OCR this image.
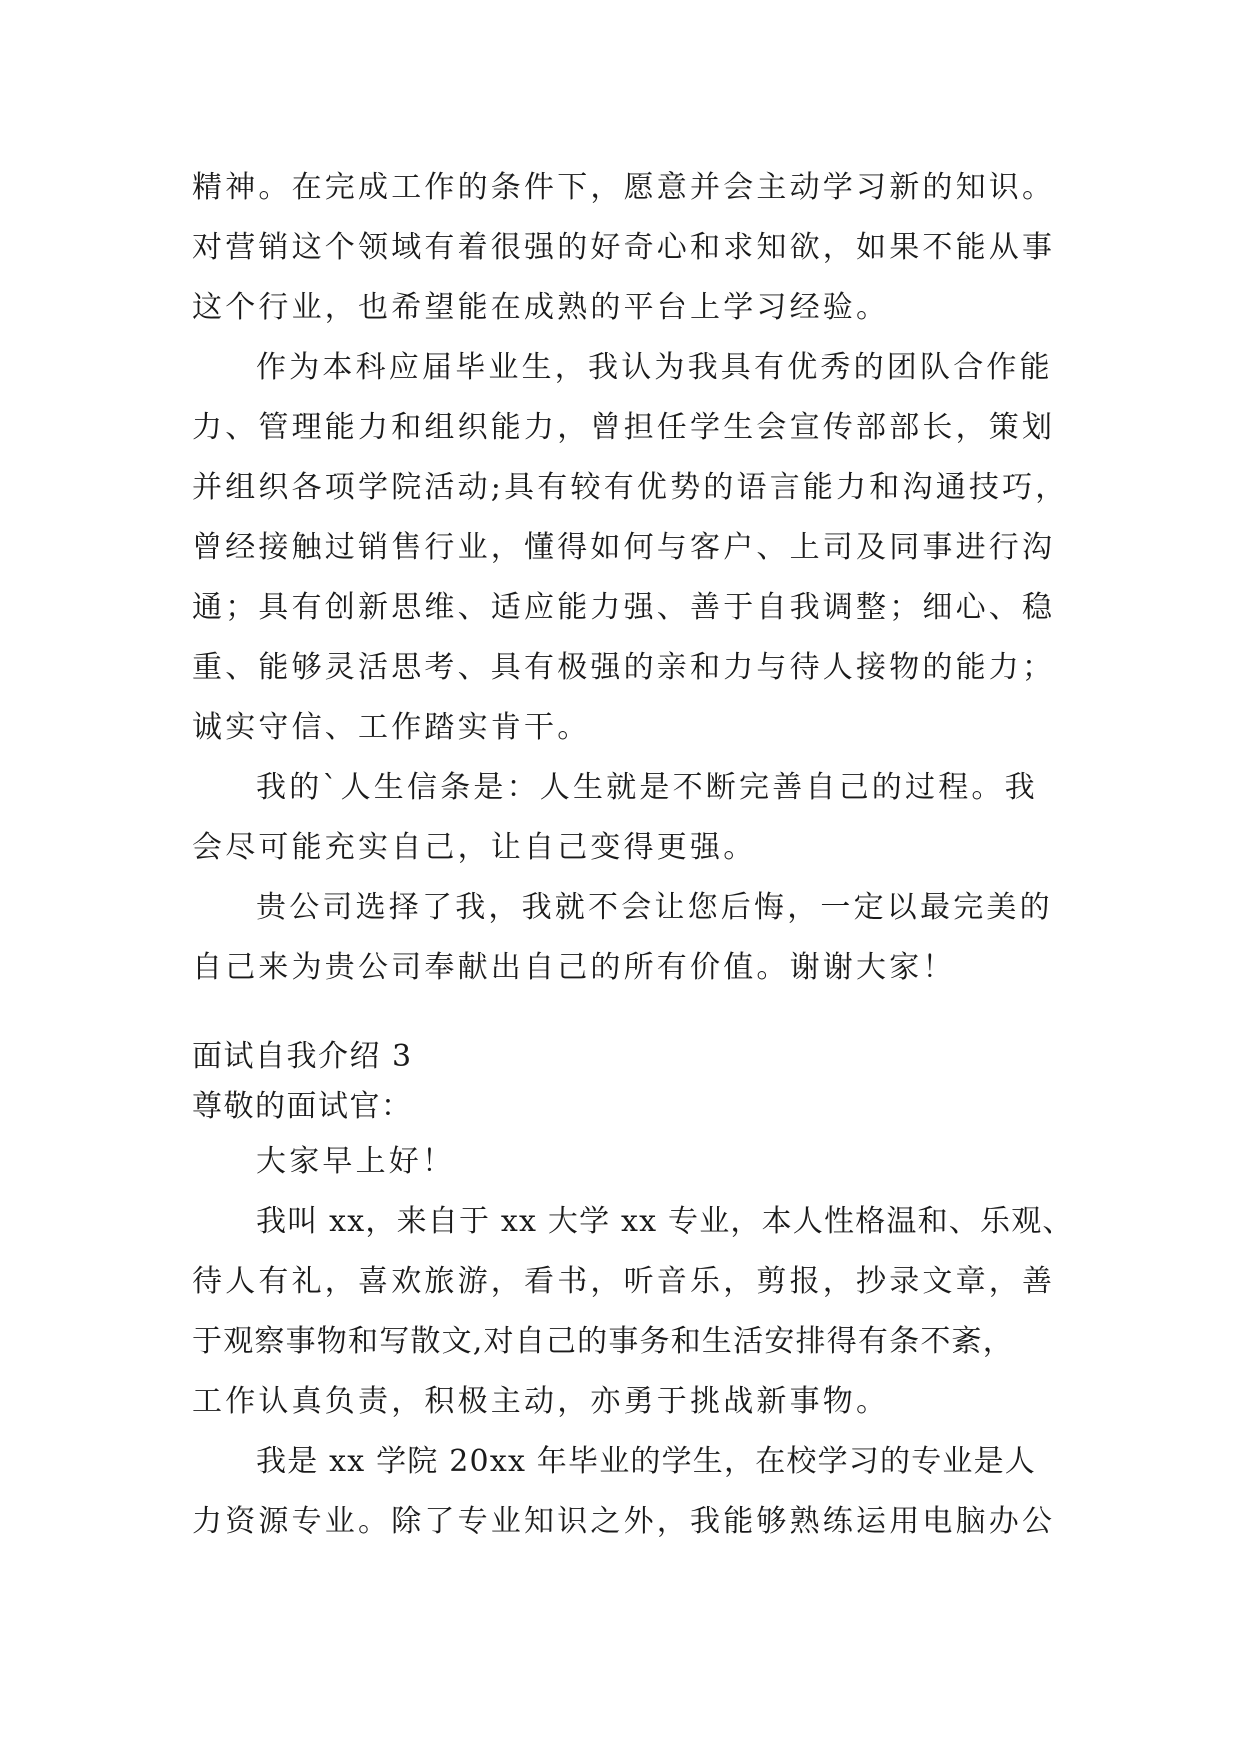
精神。在完成工作的条件下，愿意并会主动学习新的知识。
对营销这个领域有着很强的好奇心和求知欲，如果不能从事
这个行业，也希望能在成熟的平台上学习经验。
作为本科应届毕业生，我认为我具有优秀的团队合作能
力、管理能力和组织能力，曾担任学生会宣传部部长，策划
并组织各项学院活动;具有较有优势的语言能力和沟通技巧，
曾经接触过销售行业，懂得如何与客户、上司及同事进行沟
通；具有创新思维、适应能力强、善于自我调整；细心、稳
重、能够灵活思考、具有极强的亲和力与待人接物的能力；
诚实守信、工作踏实肯干。
我的`人生信条是：人生就是不断完善自己的过程。我
会尽可能充实自己，让自己变得更强。
贵公司选择了我，我就不会让您后悔，一定以最完美的
自己来为贵公司奉献出自己的所有价值。谢谢大家！
面试自我介绍 3
尊敬的面试官：
大家早上好！
我叫 xx，来自于 xx 大学 xx 专业，本人性格温和、乐观、
待人有礼，喜欢旅游，看书，听音乐，剪报，抄录文章，善
于观察事物和写散文,对自己的事务和生活安排得有条不紊，
工作认真负责，积极主动，亦勇于挑战新事物。
我是 xx 学院 20xx 年毕业的学生，在校学习的专业是人
力资源专业。除了专业知识之外，我能够熟练运用电脑办公
